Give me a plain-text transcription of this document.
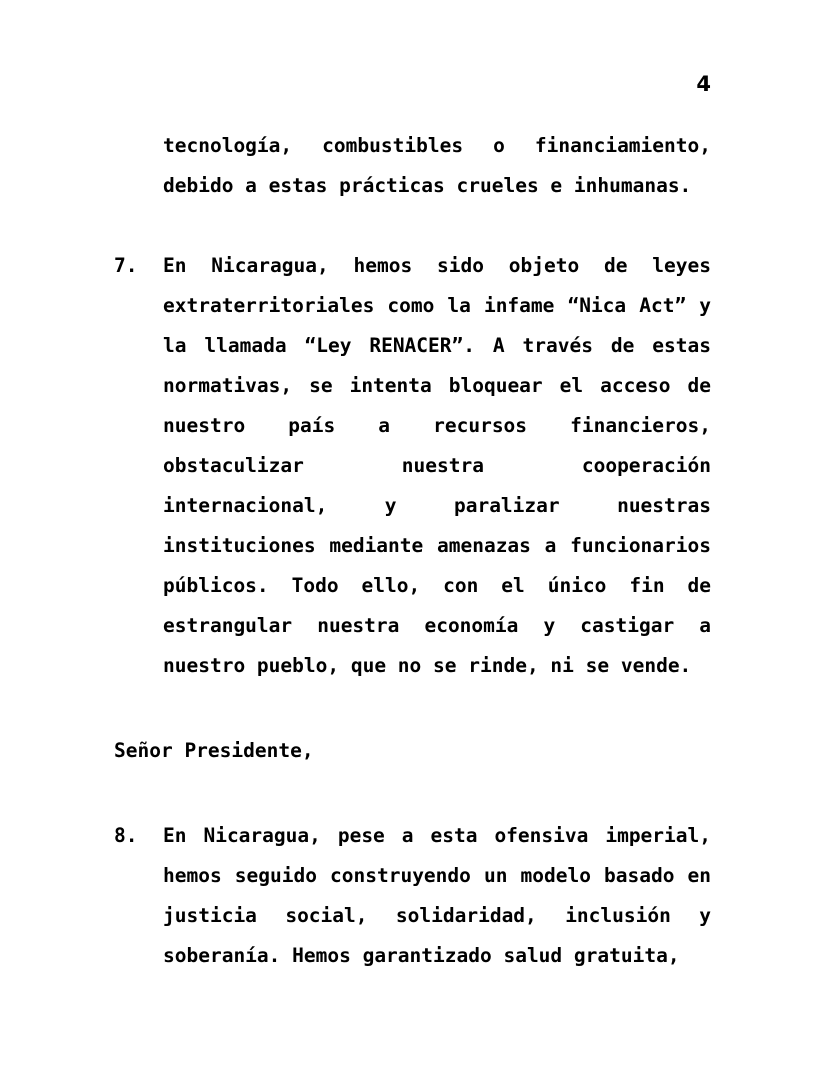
4
tecnología, combustibles o financiamiento, debido a estas prácticas crueles e inhumanas.
7.	En Nicaragua, hemos sido objeto de leyes extraterritoriales como la infame “Nica Act” y la llamada “Ley RENACER”. A través de estas normativas, se intenta bloquear el acceso de nuestro país a recursos financieros, obstaculizar nuestra cooperación internacional, y paralizar nuestras instituciones mediante amenazas a funcionarios públicos. Todo ello, con el único fin de estrangular nuestra economía y castigar a nuestro pueblo, que no se rinde, ni se vende.
Señor Presidente,
8.	En Nicaragua, pese a esta ofensiva imperial, hemos seguido construyendo un modelo basado en justicia social, solidaridad, inclusión y soberanía. Hemos garantizado salud gratuita,
